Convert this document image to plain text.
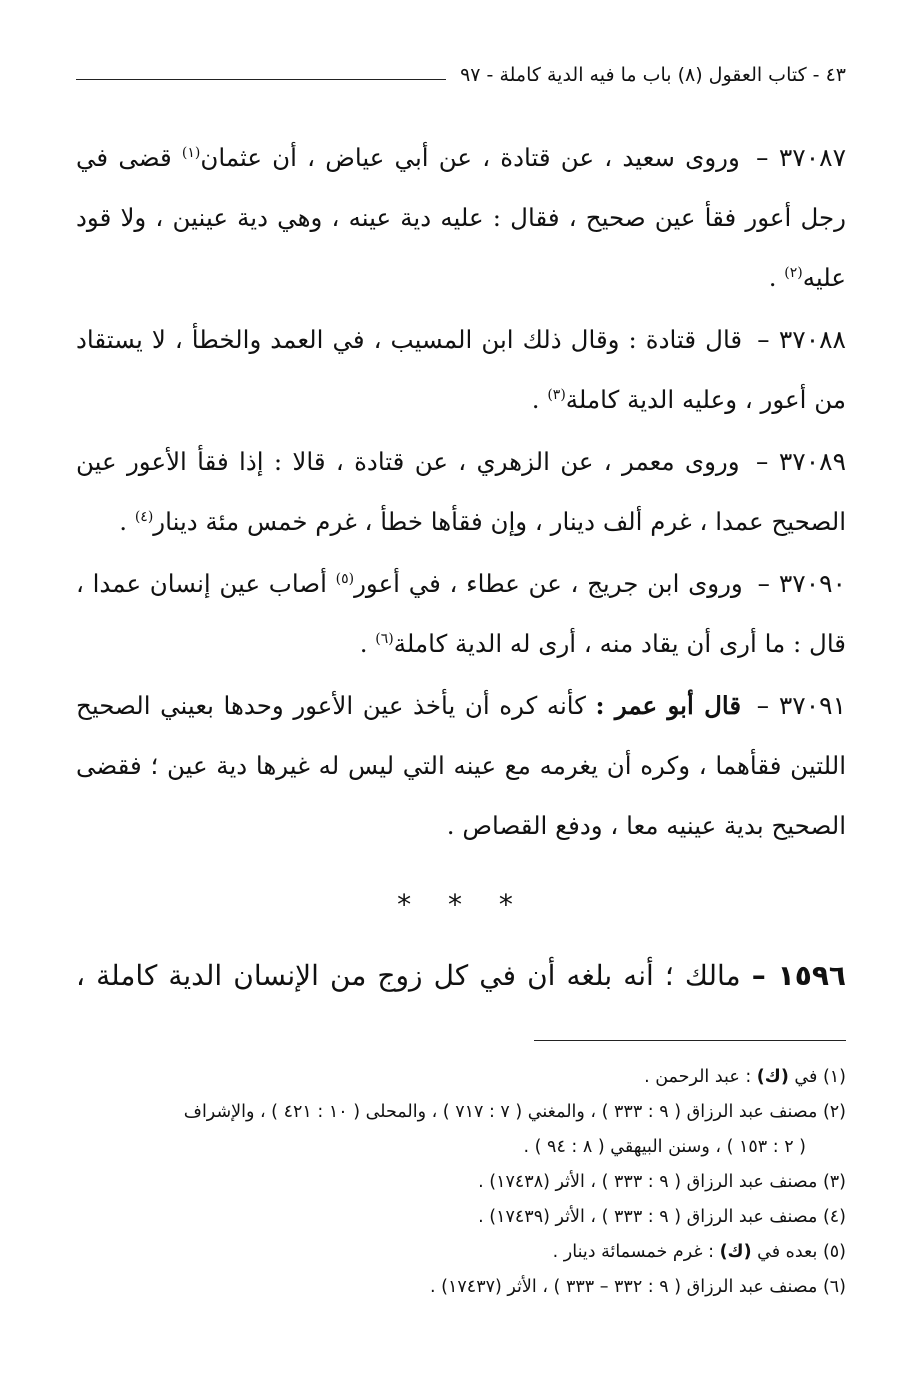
٤٣ - كتاب العقول (٨) باب ما فيه الدية كاملة - ٩٧

٣٧٠٨٧ – وروى سعيد ، عن قتادة ، عن أبي عياض ، أن عثمان$^{(١)}$ قضى في رجل أعور فقأ عين صحيح ، فقال : عليه دية عينه ، وهي دية عينين ، ولا قود عليه$^{(٢)}$ .

٣٧٠٨٨ – قال قتادة : وقال ذلك ابن المسيب ، في العمد والخطأ ، لا يستقاد من أعور ، وعليه الدية كاملة$^{(٣)}$ .

٣٧٠٨٩ – وروى معمر ، عن الزهري ، عن قتادة ، قالا : إذا فقأ الأعور عين الصحيح عمدا ، غرم ألف دينار ، وإن فقأها خطأ ، غرم خمس مئة دينار$^{(٤)}$ .

٣٧٠٩٠ – وروى ابن جريج ، عن عطاء ، في أعور$^{(٥)}$ أصاب عين إنسان عمدا ، قال : ما أرى أن يقاد منه ، أرى له الدية كاملة$^{(٦)}$ .

٣٧٠٩١ – قال أبو عمر : كأنه كره أن يأخذ عين الأعور وحدها بعيني الصحيح اللتين فقأهما ، وكره أن يغرمه مع عينه التي ليس له غيرها دية عين ؛ فقضى الصحيح بدية عينيه معا ، ودفع القصاص .

* * *
١٥٩٦ – مالك ؛ أنه بلغه أن في كل زوج من الإنسان الدية كاملة ،

(١) في (ك) : عبد الرحمن .

(٢) مصنف عبد الرزاق ( ٩ : ٣٣٣ ) ، والمغني ( ٧ : ٧١٧ ) ، والمحلى ( ١٠ : ٤٢١ ) ، والإشراف

( ٢ : ١٥٣ ) ، وسنن البيهقي ( ٨ : ٩٤ ) .

(٣) مصنف عبد الرزاق ( ٩ : ٣٣٣ ) ، الأثر (١٧٤٣٨) .

(٤) مصنف عبد الرزاق ( ٩ : ٣٣٣ ) ، الأثر (١٧٤٣٩) .

(٥) بعده في (ك) : غرم خمسمائة دينار .

(٦) مصنف عبد الرزاق ( ٩ : ٣٣٢ – ٣٣٣ ) ، الأثر (١٧٤٣٧) .
